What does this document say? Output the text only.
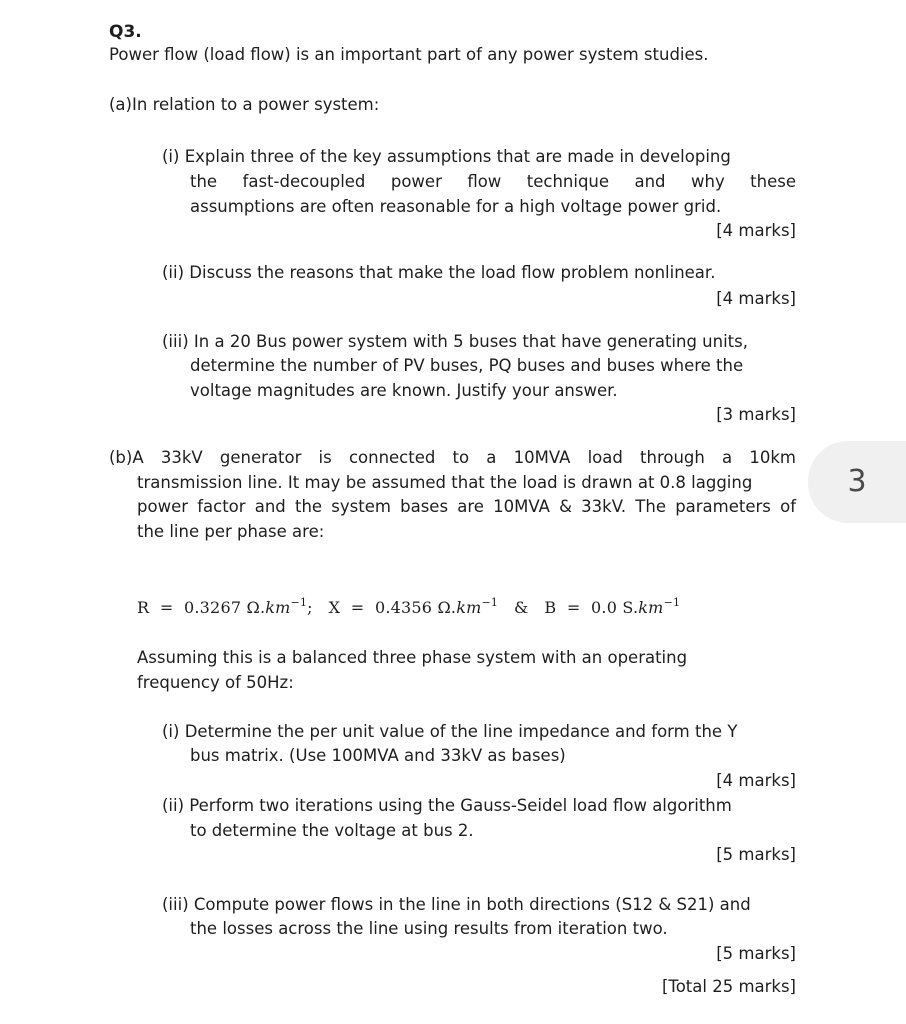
Q3.
Power flow (load flow) is an important part of any power system studies.
(a)In relation to a power system:
(i) Explain three of the key assumptions that are made in developing
the fast-decoupled power flow technique and why these
assumptions are often reasonable for a high voltage power grid.
[4 marks]
(ii) Discuss the reasons that make the load flow problem nonlinear.
[4 marks]
(iii) In a 20 Bus power system with 5 buses that have generating units,
determine the number of PV buses, PQ buses and buses where the
voltage magnitudes are known. Justify your answer.
[3 marks]
(b) A 33kV generator is connected to a 10MVA load through a 10km
transmission line. It may be assumed that the load is drawn at 0.8 lagging
power factor and the system bases are 10MVA & 33kV. The parameters of
the line per phase are:
R = 0.3267 $\Omega.km^{-1}$; X = 0.4356 $\Omega.km^{-1}$ & B = 0.0 $S.km^{-1}$
Assuming this is a balanced three phase system with an operating
frequency of 50Hz:
(i) Determine the per unit value of the line impedance and form the Y
bus matrix. (Use 100MVA and 33kV as bases)
[4 marks]
(ii) Perform two iterations using the Gauss-Seidel load flow algorithm
to determine the voltage at bus 2.
[5 marks]
(iii) Compute power flows in the line in both directions (S12 & S21) and
the losses across the line using results from iteration two.
[5 marks]
[Total 25 marks]
3
